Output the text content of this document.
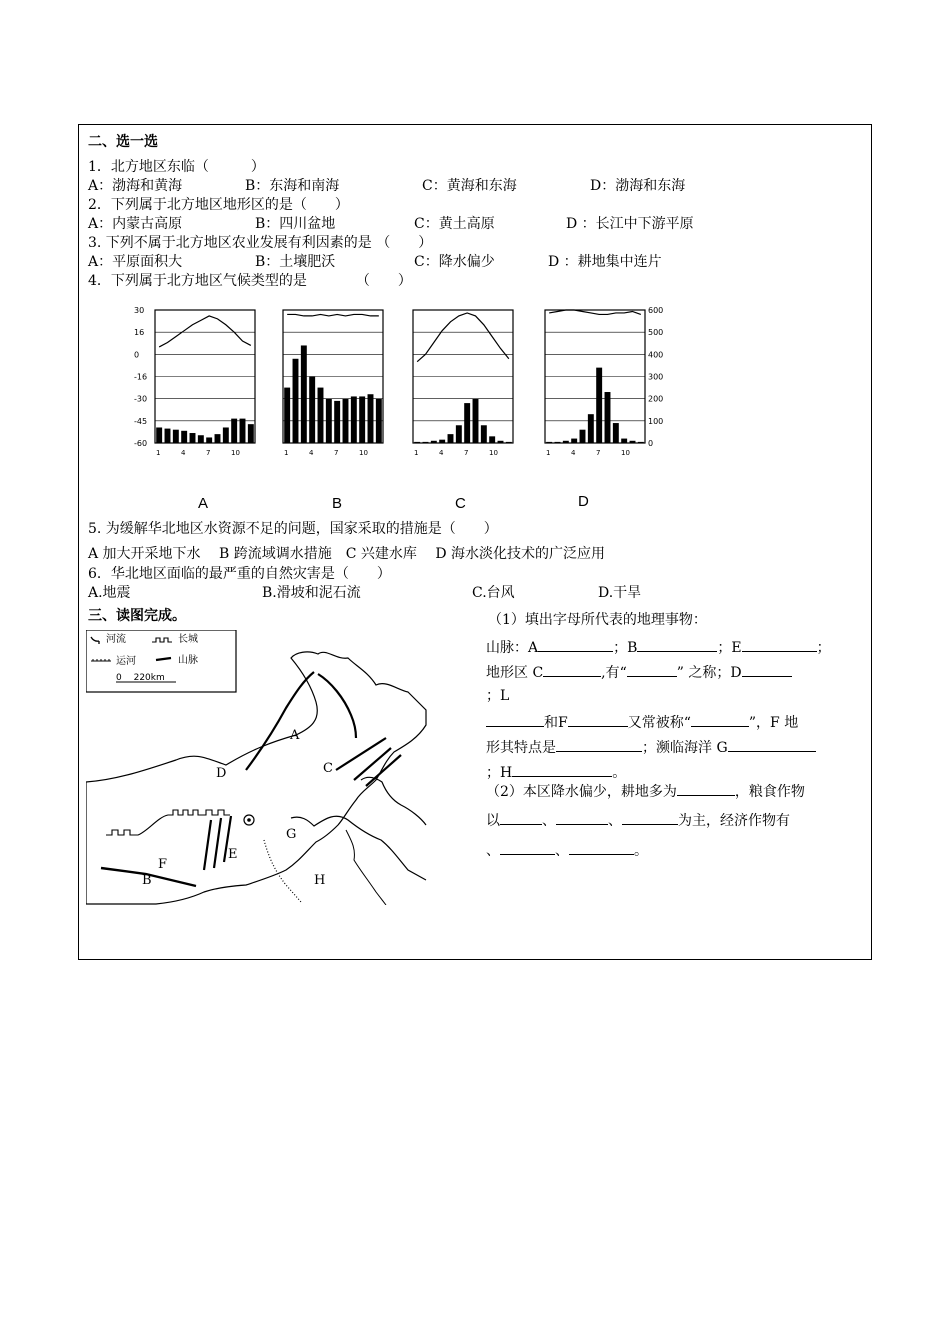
二、选一选
1．北方地区东临（　　　）
A：渤海和黄海	B：东海和南海	C：黄海和东海	D：渤海和东海
2．下列属于北方地区地形区的是（　　）
A：内蒙古高原	B：四川盆地	C：黄土高原	D ：长江中下游平原
3. 下列不属于北方地区农业发展有利因素的是 （　　）
A：平原面积大	B：土壤肥沃	C：降水偏少	D ：耕地集中连片
4．下列属于北方地区气候类型的是　　　　（　　）
1	4	7	10	1	4	7	10	1	4	7	10	1	4	7	10
30
16
0
-16
-30
-45
-60
600
500
400
300
200
100
0
A	B	C	D
5. 为缓解华北地区水资源不足的问题，国家采取的措施是（　　）
A 加大开采地下水　 B 跨流域调水措施　C 兴建水库　 D 海水淡化技术的广泛应用
6．华北地区面临的最严重的自然灾害是（　　）
A.地震	B.滑坡和泥石流	C.台风	D.干旱
三、读图完成。
河流	长城
运河	山脉
0　 220km
A
B
C
D
E
F
G
H
（1）填出字母所代表的地理事物：
山脉：A	；B	；E	；
地形区 C	,有“	” 之称；D
；L
和F	又常被称“	”，F 地
形其特点是	；濒临海洋 G
；H	。
（2）本区降水偏少，耕地多为	，粮食作物
以	、	、	为主，经济作物有
、	、	。
